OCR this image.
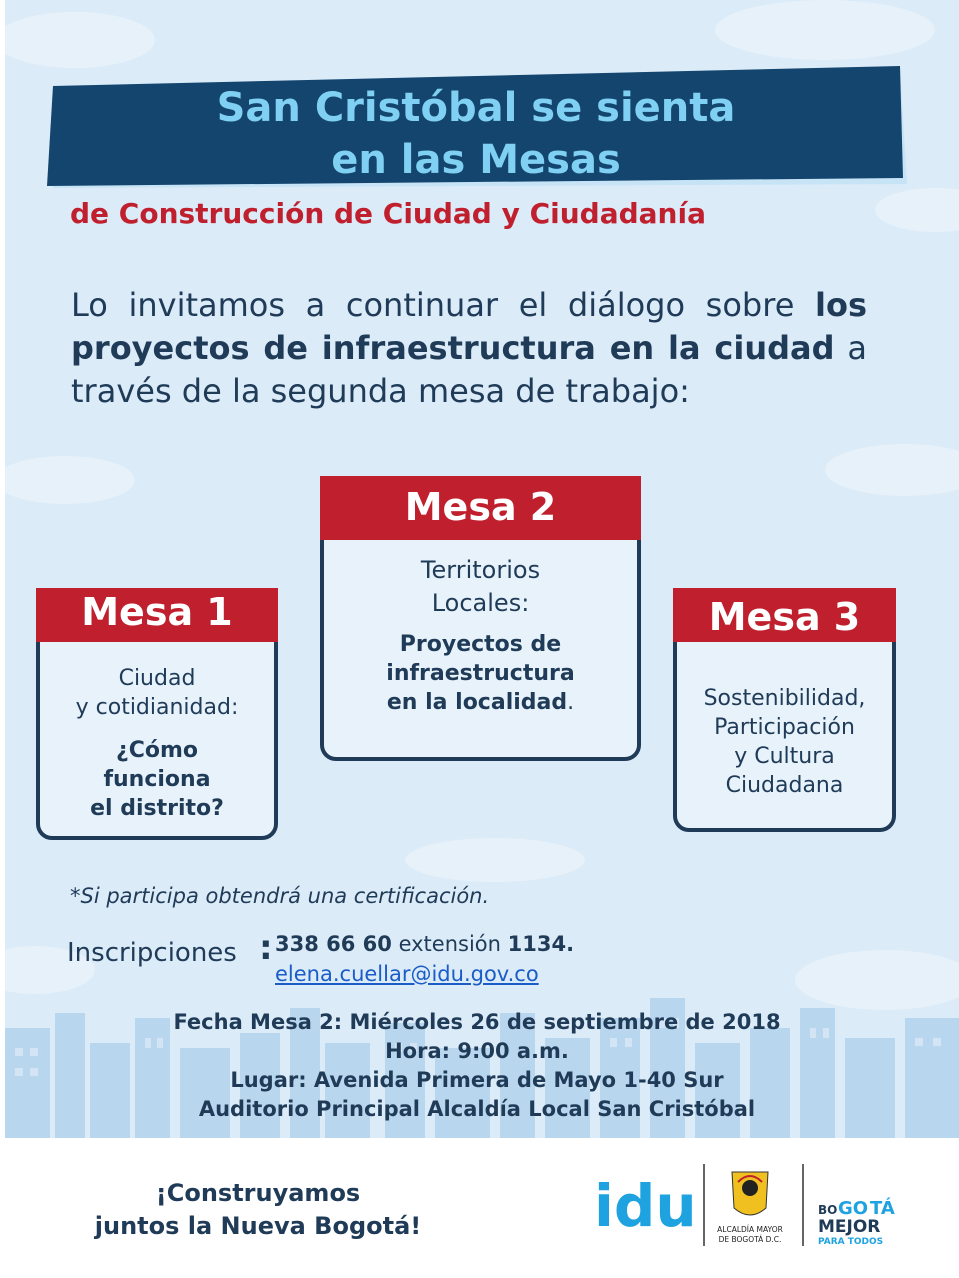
San Cristóbal se sienta
en las Mesas
de Construcción de Ciudad y Ciudadanía
Lo invitamos a continuar el diálogo sobre los proyectos de infraestructura en la ciudad a través de la segunda mesa de trabajo:
Mesa 1
Ciudad
y cotidianidad:
¿Cómo
funciona
el distrito?
Mesa 2
Territorios
Locales:
Proyectos de
infraestructura
en la localidad.
Mesa 3
Sostenibilidad,
Participación
y Cultura
Ciudadana
*Si participa obtendrá una certificación.
Inscripciones : 338 66 60 extensión 1134.
elena.cuellar@idu.gov.co
Fecha Mesa 2: Miércoles 26 de septiembre de 2018
Hora: 9:00 a.m.
Lugar: Avenida Primera de Mayo 1-40 Sur
Auditorio Principal Alcaldía Local San Cristóbal
¡Construyamos
juntos la Nueva Bogotá!	idu	ALCALDÍA MAYOR
DE BOGOTÁ D.C.
BO GO TÁ
MEJOR
PARA TODOS
